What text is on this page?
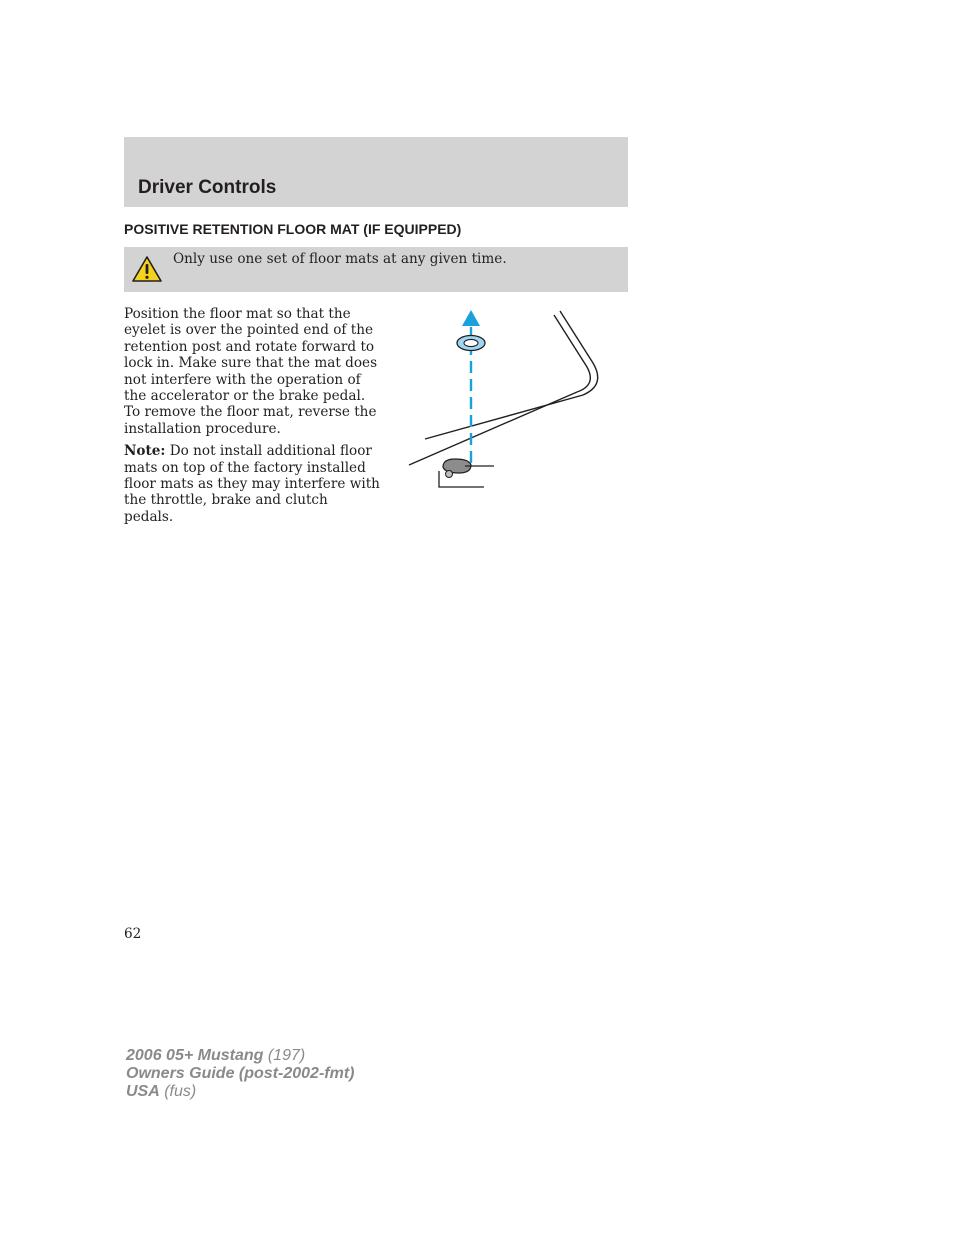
Driver Controls
POSITIVE RETENTION FLOOR MAT (IF EQUIPPED)
Only use one set of floor mats at any given time.

Position the floor mat so that the eyelet is over the pointed end of the retention post and rotate forward to lock in. Make sure that the mat does not interfere with the operation of the accelerator or the brake pedal. To remove the floor mat, reverse the installation procedure.

Note: Do not install additional floor mats on top of the factory installed floor mats as they may interfere with the throttle, brake and clutch pedals.

62
2006 05+ Mustang (197)
Owners Guide (post-2002-fmt)
USA (fus)
